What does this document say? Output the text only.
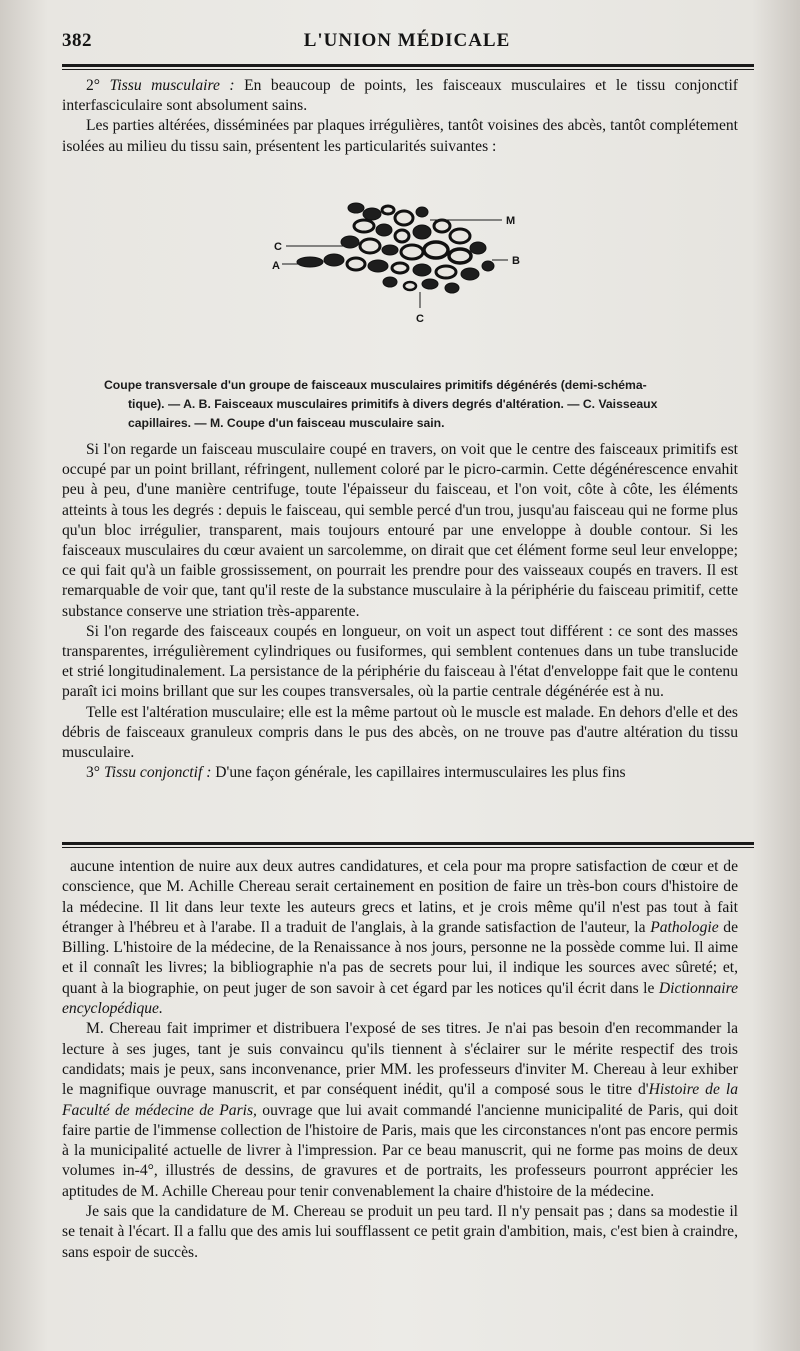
382	L'UNION MÉDICALE

2° Tissu musculaire : En beaucoup de points, les faisceaux musculaires et le tissu conjonctif interfasciculaire sont absolument sains.

Les parties altérées, disséminées par plaques irrégulières, tantôt voisines des abcès, tantôt complétement isolées au milieu du tissu sain, présentent les particularités suivantes :

C
A
M
B
C
Coupe transversale d'un groupe de faisceaux musculaires primitifs dégénérés (demi-schéma-
tique). — A. B. Faisceaux musculaires primitifs à divers degrés d'altération. — C. Vaisseaux
capillaires. — M. Coupe d'un faisceau musculaire sain.

Si l'on regarde un faisceau musculaire coupé en travers, on voit que le centre des faisceaux primitifs est occupé par un point brillant, réfringent, nullement coloré par le picro-carmin. Cette dégénérescence envahit peu à peu, d'une manière centrifuge, toute l'épaisseur du faisceau, et l'on voit, côte à côte, les éléments atteints à tous les degrés : depuis le faisceau, qui semble percé d'un trou, jusqu'au faisceau qui ne forme plus qu'un bloc irrégulier, transparent, mais toujours entouré par une enveloppe à double contour. Si les faisceaux musculaires du cœur avaient un sarcolemme, on dirait que cet élément forme seul leur enveloppe; ce qui fait qu'à un faible grossissement, on pourrait les prendre pour des vaisseaux coupés en travers. Il est remarquable de voir que, tant qu'il reste de la substance musculaire à la périphérie du faisceau primitif, cette substance conserve une striation très-apparente.

Si l'on regarde des faisceaux coupés en longueur, on voit un aspect tout différent : ce sont des masses transparentes, irrégulièrement cylindriques ou fusiformes, qui semblent contenues dans un tube translucide et strié longitudinalement. La persistance de la périphérie du faisceau à l'état d'enveloppe fait que le contenu paraît ici moins brillant que sur les coupes transversales, où la partie centrale dégénérée est à nu.

Telle est l'altération musculaire; elle est la même partout où le muscle est malade. En dehors d'elle et des débris de faisceaux granuleux compris dans le pus des abcès, on ne trouve pas d'autre altération du tissu musculaire.

3° Tissu conjonctif : D'une façon générale, les capillaires intermusculaires les plus fins

aucune intention de nuire aux deux autres candidatures, et cela pour ma propre satisfaction de cœur et de conscience, que M. Achille Chereau serait certainement en position de faire un très-bon cours d'histoire de la médecine. Il lit dans leur texte les auteurs grecs et latins, et je crois même qu'il n'est pas tout à fait étranger à l'hébreu et à l'arabe. Il a traduit de l'anglais, à la grande satisfaction de l'auteur, la Pathologie de Billing. L'histoire de la médecine, de la Renaissance à nos jours, personne ne la possède comme lui. Il aime et il connaît les livres; la bibliographie n'a pas de secrets pour lui, il indique les sources avec sûreté; et, quant à la biographie, on peut juger de son savoir à cet égard par les notices qu'il écrit dans le Dictionnaire encyclopédique.

M. Chereau fait imprimer et distribuera l'exposé de ses titres. Je n'ai pas besoin d'en recommander la lecture à ses juges, tant je suis convaincu qu'ils tiennent à s'éclairer sur le mérite respectif des trois candidats; mais je peux, sans inconvenance, prier MM. les professeurs d'inviter M. Chereau à leur exhiber le magnifique ouvrage manuscrit, et par conséquent inédit, qu'il a composé sous le titre d'Histoire de la Faculté de médecine de Paris, ouvrage que lui avait commandé l'ancienne municipalité de Paris, qui doit faire partie de l'immense collection de l'histoire de Paris, mais que les circonstances n'ont pas encore permis à la municipalité actuelle de livrer à l'impression. Par ce beau manuscrit, qui ne forme pas moins de deux volumes in-4°, illustrés de dessins, de gravures et de portraits, les professeurs pourront apprécier les aptitudes de M. Achille Chereau pour tenir convenablement la chaire d'histoire de la médecine.

Je sais que la candidature de M. Chereau se produit un peu tard. Il n'y pensait pas ; dans sa modestie il se tenait à l'écart. Il a fallu que des amis lui soufflassent ce petit grain d'ambition, mais, c'est bien à craindre, sans espoir de succès.
